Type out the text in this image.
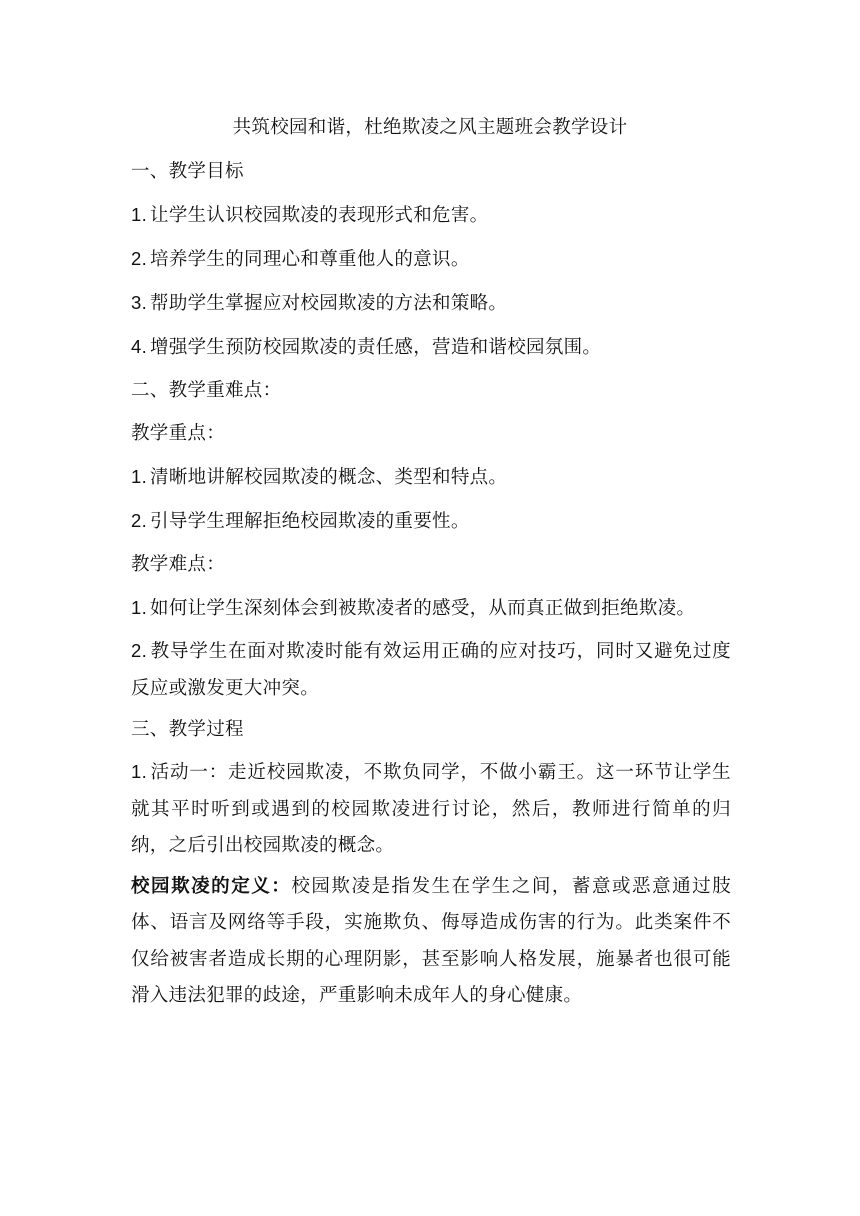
共筑校园和谐，杜绝欺凌之风主题班会教学设计

一、教学目标

1. 让学生认识校园欺凌的表现形式和危害。

2. 培养学生的同理心和尊重他人的意识。

3. 帮助学生掌握应对校园欺凌的方法和策略。

4. 增强学生预防校园欺凌的责任感，营造和谐校园氛围。

二、教学重难点：

教学重点：

1. 清晰地讲解校园欺凌的概念、类型和特点。

2. 引导学生理解拒绝校园欺凌的重要性。

教学难点：

1. 如何让学生深刻体会到被欺凌者的感受，从而真正做到拒绝欺凌。

2. 教导学生在面对欺凌时能有效运用正确的应对技巧，同时又避免过度反应或激发更大冲突。

三、教学过程

1. 活动一：走近校园欺凌，不欺负同学，不做小霸王。这一环节让学生就其平时听到或遇到的校园欺凌进行讨论，然后，教师进行简单的归纳，之后引出校园欺凌的概念。

校园欺凌的定义：校园欺凌是指发生在学生之间，蓄意或恶意通过肢体、语言及网络等手段，实施欺负、侮辱造成伤害的行为。此类案件不仅给被害者造成长期的心理阴影，甚至影响人格发展，施暴者也很可能滑入违法犯罪的歧途，严重影响未成年人的身心健康。
